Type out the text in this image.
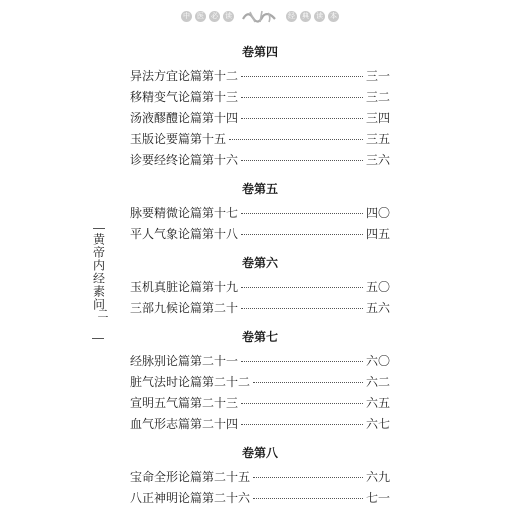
中 医 必 读	经 典 读 本
黄帝内经素问
二
卷第四
异法方宜论篇第十二	三一
移精变气论篇第十三	三二
汤液醪醴论篇第十四	三四
玉版论要篇第十五	三五
诊要经终论篇第十六	三六
卷第五
脉要精微论篇第十七	四〇
平人气象论篇第十八	四五
卷第六
玉机真脏论篇第十九	五〇
三部九候论篇第二十	五六
卷第七
经脉别论篇第二十一	六〇
脏气法时论篇第二十二	六二
宣明五气篇第二十三	六五
血气形志篇第二十四	六七
卷第八
宝命全形论篇第二十五	六九
八正神明论篇第二十六	七一
